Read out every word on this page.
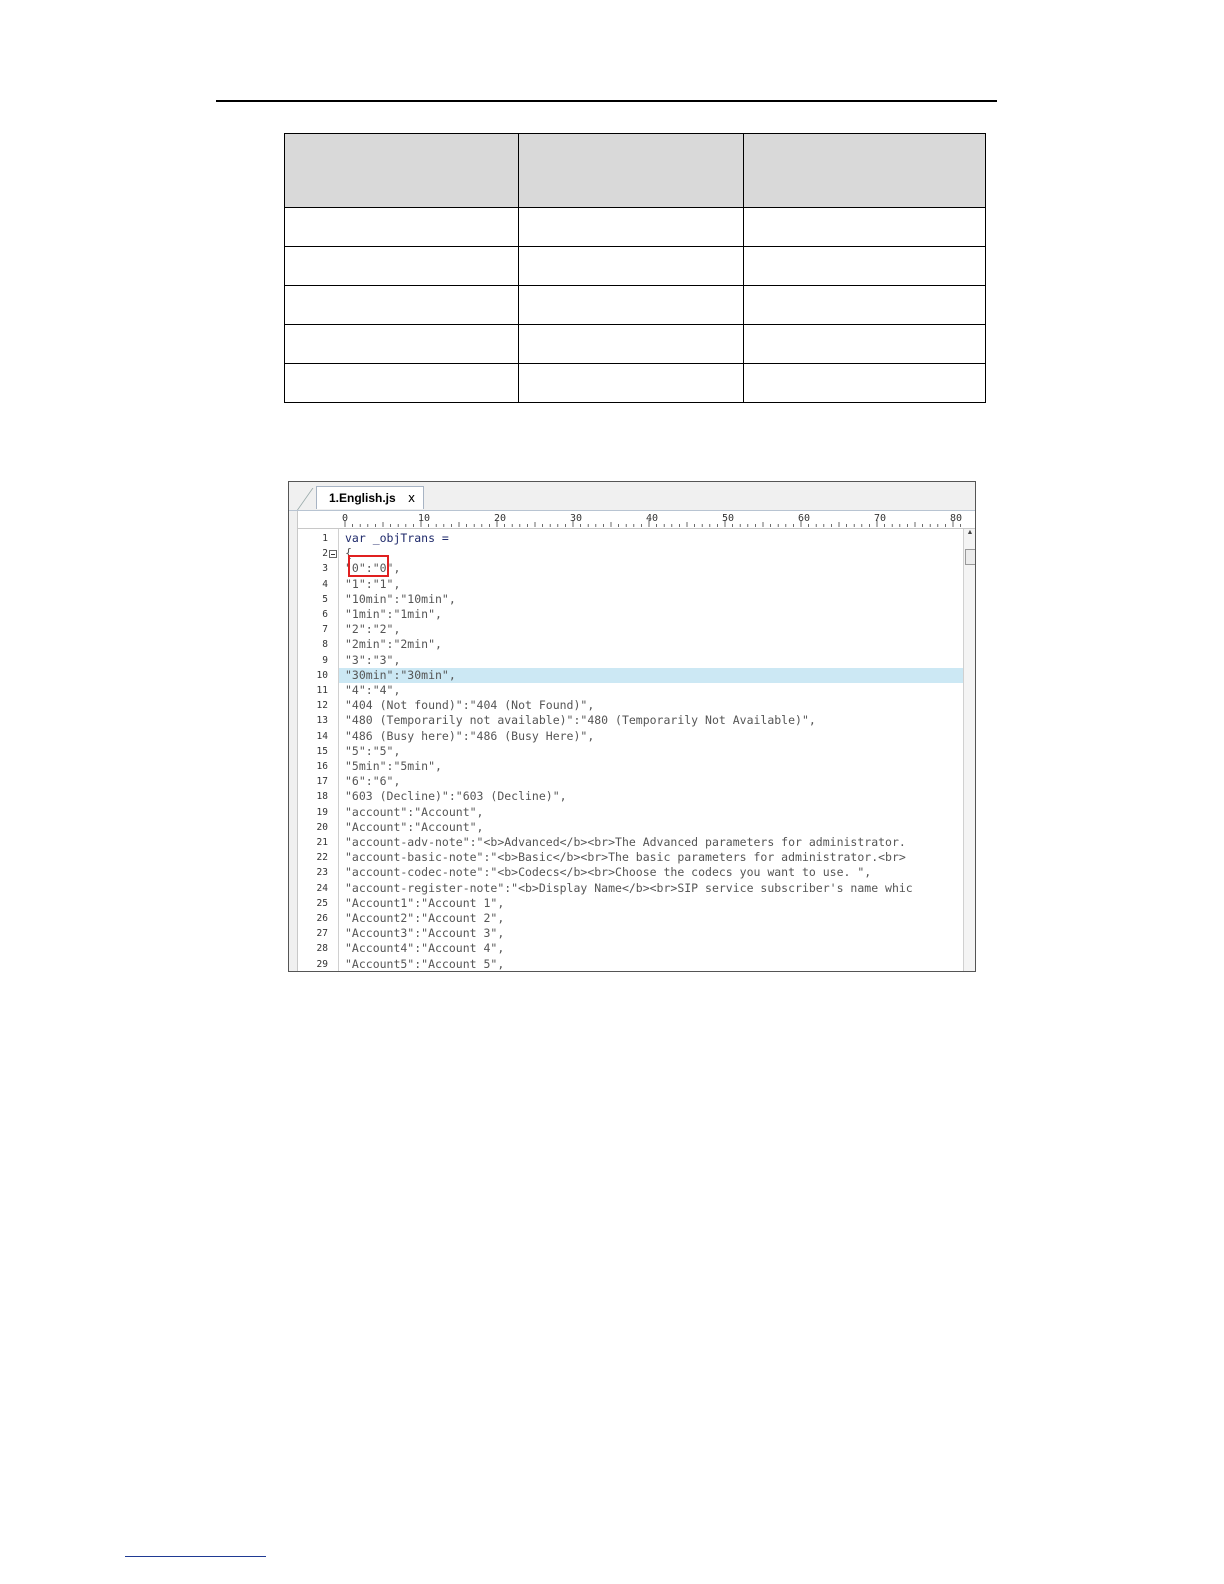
1.English.js x
0	10	20	30	40	50	60	70	80
1
2
3
4
5
6
7
8
9
10
11
12
13
14
15
16
17
18
19
20
21
22
23
24
25
26
27
28
29
var _objTrans =
{
"0":"0",
"1":"1",
"10min":"10min",
"1min":"1min",
"2":"2",
"2min":"2min",
"3":"3",
"30min":"30min",
"4":"4",
"404 (Not found)":"404 (Not Found)",
"480 (Temporarily not available)":"480 (Temporarily Not Available)",
"486 (Busy here)":"486 (Busy Here)",
"5":"5",
"5min":"5min",
"6":"6",
"603 (Decline)":"603 (Decline)",
"account":"Account",
"Account":"Account",
"account-adv-note":"<b>Advanced</b><br>The Advanced parameters for administrator.
"account-basic-note":"<b>Basic</b><br>The basic parameters for administrator.<br>
"account-codec-note":"<b>Codecs</b><br>Choose the codecs you want to use. ",
"account-register-note":"<b>Display Name</b><br>SIP service subscriber's name whic
"Account1":"Account 1",
"Account2":"Account 2",
"Account3":"Account 3",
"Account4":"Account 4",
"Account5":"Account 5",
▲
